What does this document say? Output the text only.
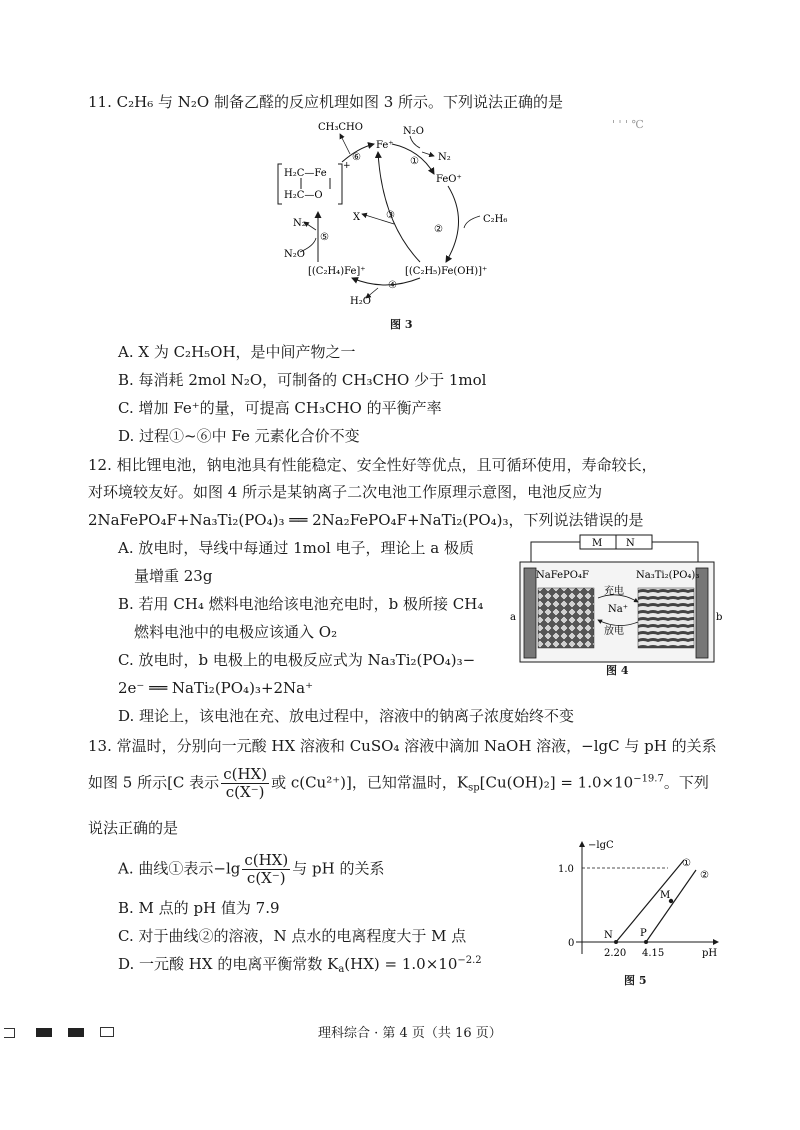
11. C₂H₆ 与 N₂O 制备乙醛的反应机理如图 3 所示。下列说法正确的是
' ' ' ℃
CH₃CHO
Fe⁺
N₂O
N₂
FeO⁺
C₂H₆
X
N₂
N₂O
[(C₂H₄)Fe]⁺	[(C₂H₅)Fe(OH)]⁺
H₂O
H₂C—Fe
H₂C—O
+
⑥	①
②
③
④
⑤
图 3
A. X 为 C₂H₅OH，是中间产物之一
B. 每消耗 2mol N₂O，可制备的 CH₃CHO 少于 1mol
C. 增加 Fe⁺的量，可提高 CH₃CHO 的平衡产率
D. 过程①~⑥中 Fe 元素化合价不变
12. 相比锂电池，钠电池具有性能稳定、安全性好等优点，且可循环使用，寿命较长，
对环境较友好。如图 4 所示是某钠离子二次电池工作原理示意图，电池反应为
2NaFePO₄F+Na₃Ti₂(PO₄)₃ ══ 2Na₂FePO₄F+NaTi₂(PO₄)₃，下列说法错误的是
A. 放电时，导线中每通过 1mol 电子，理论上 a 极质
量增重 23g
B. 若用 CH₄ 燃料电池给该电池充电时，b 极所接 CH₄
燃料电池中的电极应该通入 O₂
C. 放电时，b 电极上的电极反应式为 Na₃Ti₂(PO₄)₃−
2e⁻ ══ NaTi₂(PO₄)₃+2Na⁺
D. 理论上，该电池在充、放电过程中，溶液中的钠离子浓度始终不变
M N
NaFePO₄F	Na₃Ti₂(PO₄)₃
充电
Na⁺
放电
a	b
图 4
13. 常温时，分别向一元酸 HX 溶液和 CuSO₄ 溶液中滴加 NaOH 溶液，−lgC 与 pH 的关系
如图 5 所示[C 表示 $\frac{c(HX)}{c(X^-)}$ 或 c(Cu²⁺)]，已知常温时，$K_{sp}[Cu(OH)_2] = 1.0\times 10^{-19.7}$。下列
说法正确的是
A. 曲线①表示$-\lg \frac{c(HX)}{c(X^-)}$ 与 pH 的关系
B. M 点的 pH 值为 7.9
C. 对于曲线②的溶液，N 点水的电离程度大于 M 点
D. 一元酸 HX 的电离平衡常数 $K_a(HX) = 1.0\times 10^{-2.2}$
−lgC
1.0
0
pH
2.20 4.15
N	P
M
①
②
图 5
理科综合 · 第 4 页（共 16 页）
